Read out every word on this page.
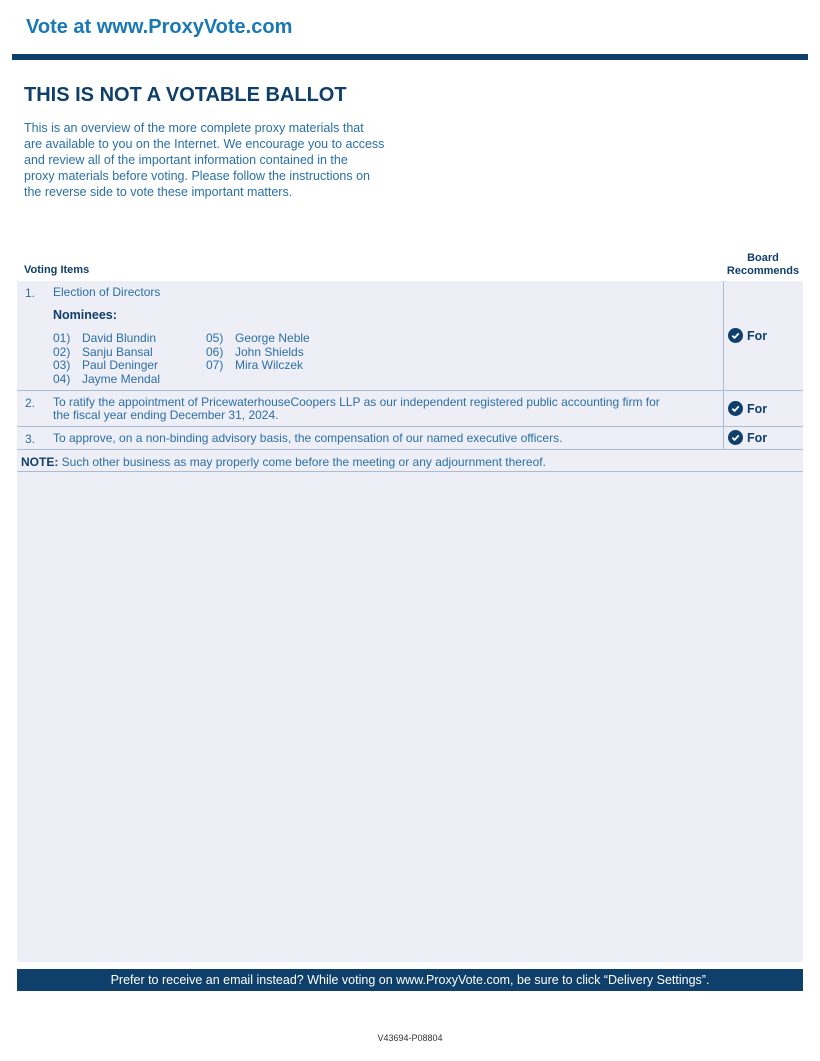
Vote at www.ProxyVote.com
THIS IS NOT A VOTABLE BALLOT
This is an overview of the more complete proxy materials that
are available to you on the Internet. We encourage you to access
and review all of the important information contained in the
proxy materials before voting. Please follow the instructions on
the reverse side to vote these important matters.
Voting Items
Board
Recommends
1. Election of Directors
Nominees:
01) David Blundin
02) Sanju Bansal
03) Paul Deninger
04) Jayme Mendal
05) George Neble
06) John Shields
07) Mira Wilczek
For
2. To ratify the appointment of PricewaterhouseCoopers LLP as our independent registered public accounting firm for
the fiscal year ending December 31, 2024.	For
3. To approve, on a non-binding advisory basis, the compensation of our named executive officers.	For
NOTE: Such other business as may properly come before the meeting or any adjournment thereof.
Prefer to receive an email instead? While voting on www.ProxyVote.com, be sure to click “Delivery Settings”.
V43694-P08804
